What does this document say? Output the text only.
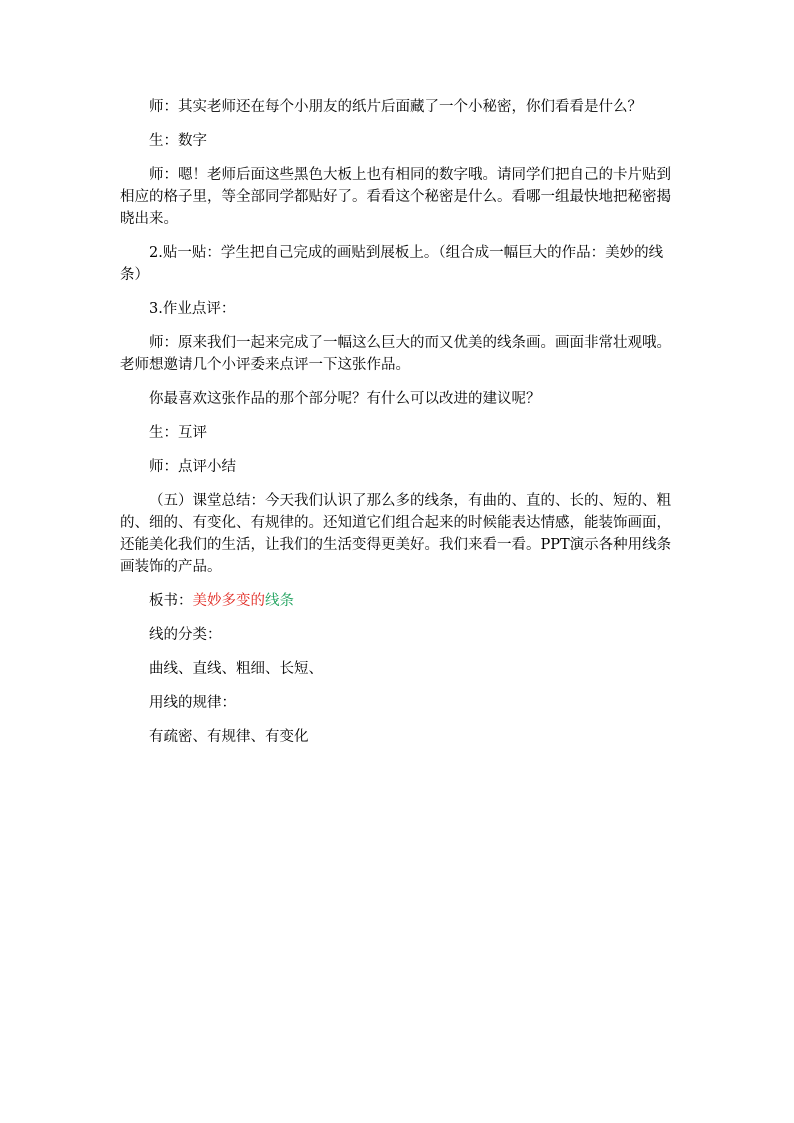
师：其实老师还在每个小朋友的纸片后面藏了一个小秘密，你们看看是什么？

生：数字

师：嗯！老师后面这些黑色大板上也有相同的数字哦。请同学们把自己的卡片贴到相应的格子里，等全部同学都贴好了。看看这个秘密是什么。看哪一组最快地把秘密揭晓出来。

2.贴一贴：学生把自己完成的画贴到展板上。（组合成一幅巨大的作品：美妙的线条）

3.作业点评：

师：原来我们一起来完成了一幅这么巨大的而又优美的线条画。画面非常壮观哦。老师想邀请几个小评委来点评一下这张作品。

你最喜欢这张作品的那个部分呢？有什么可以改进的建议呢？

生：互评

师：点评小结

（五）课堂总结：今天我们认识了那么多的线条，有曲的、直的、长的、短的、粗的、细的、有变化、有规律的。还知道它们组合起来的时候能表达情感，能装饰画面，还能美化我们的生活，让我们的生活变得更美好。我们来看一看。PPT演示各种用线条画装饰的产品。

板书：美妙多变的线条

线的分类：

曲线、直线、粗细、长短、

用线的规律：

有疏密、有规律、有变化
